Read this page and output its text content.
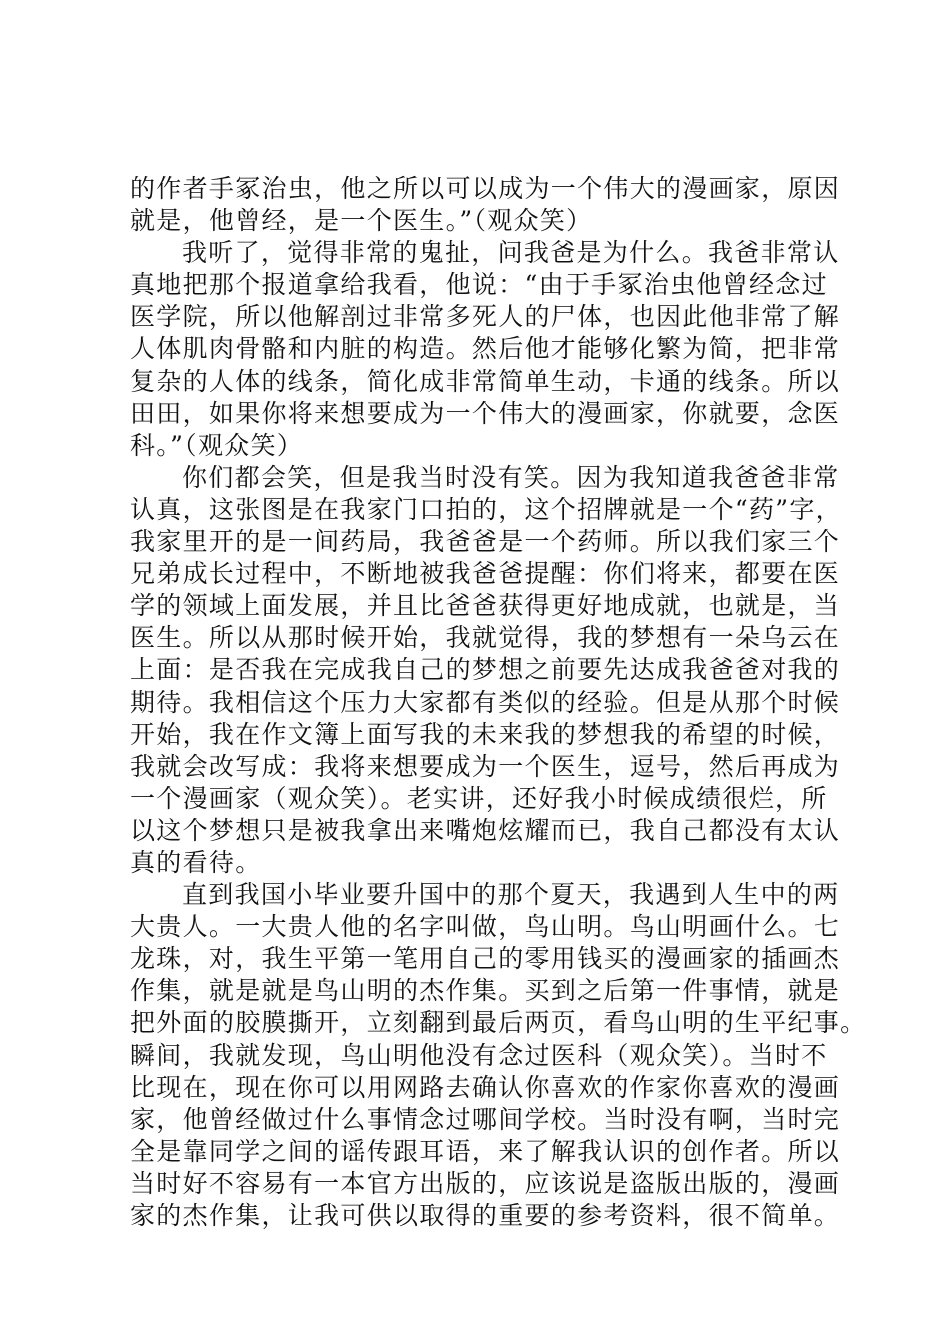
的作者手冢治虫，他之所以可以成为一个伟大的漫画家，原因
就是，他曾经，是一个医生。”（观众笑）
我听了，觉得非常的鬼扯，问我爸是为什么。我爸非常认
真地把那个报道拿给我看，他说：“由于手冢治虫他曾经念过
医学院，所以他解剖过非常多死人的尸体，也因此他非常了解
人体肌肉骨骼和内脏的构造。然后他才能够化繁为简，把非常
复杂的人体的线条，简化成非常简单生动，卡通的线条。所以
田田，如果你将来想要成为一个伟大的漫画家，你就要，念医
科。”（观众笑）
你们都会笑，但是我当时没有笑。因为我知道我爸爸非常
认真，这张图是在我家门口拍的，这个招牌就是一个“药”字，
我家里开的是一间药局，我爸爸是一个药师。所以我们家三个
兄弟成长过程中，不断地被我爸爸提醒：你们将来，都要在医
学的领域上面发展，并且比爸爸获得更好地成就，也就是，当
医生。所以从那时候开始，我就觉得，我的梦想有一朵乌云在
上面：是否我在完成我自己的梦想之前要先达成我爸爸对我的
期待。我相信这个压力大家都有类似的经验。但是从那个时候
开始，我在作文簿上面写我的未来我的梦想我的希望的时候，
我就会改写成：我将来想要成为一个医生，逗号，然后再成为
一个漫画家（观众笑）。老实讲，还好我小时候成绩很烂，所
以这个梦想只是被我拿出来嘴炮炫耀而已，我自己都没有太认
真的看待。
直到我国小毕业要升国中的那个夏天，我遇到人生中的两
大贵人。一大贵人他的名字叫做，鸟山明。鸟山明画什么。七
龙珠，对，我生平第一笔用自己的零用钱买的漫画家的插画杰
作集，就是就是鸟山明的杰作集。买到之后第一件事情，就是
把外面的胶膜撕开，立刻翻到最后两页，看鸟山明的生平纪事。
瞬间，我就发现，鸟山明他没有念过医科（观众笑）。当时不
比现在，现在你可以用网路去确认你喜欢的作家你喜欢的漫画
家，他曾经做过什么事情念过哪间学校。当时没有啊，当时完
全是靠同学之间的谣传跟耳语，来了解我认识的创作者。所以
当时好不容易有一本官方出版的，应该说是盗版出版的，漫画
家的杰作集，让我可供以取得的重要的参考资料，很不简单。
